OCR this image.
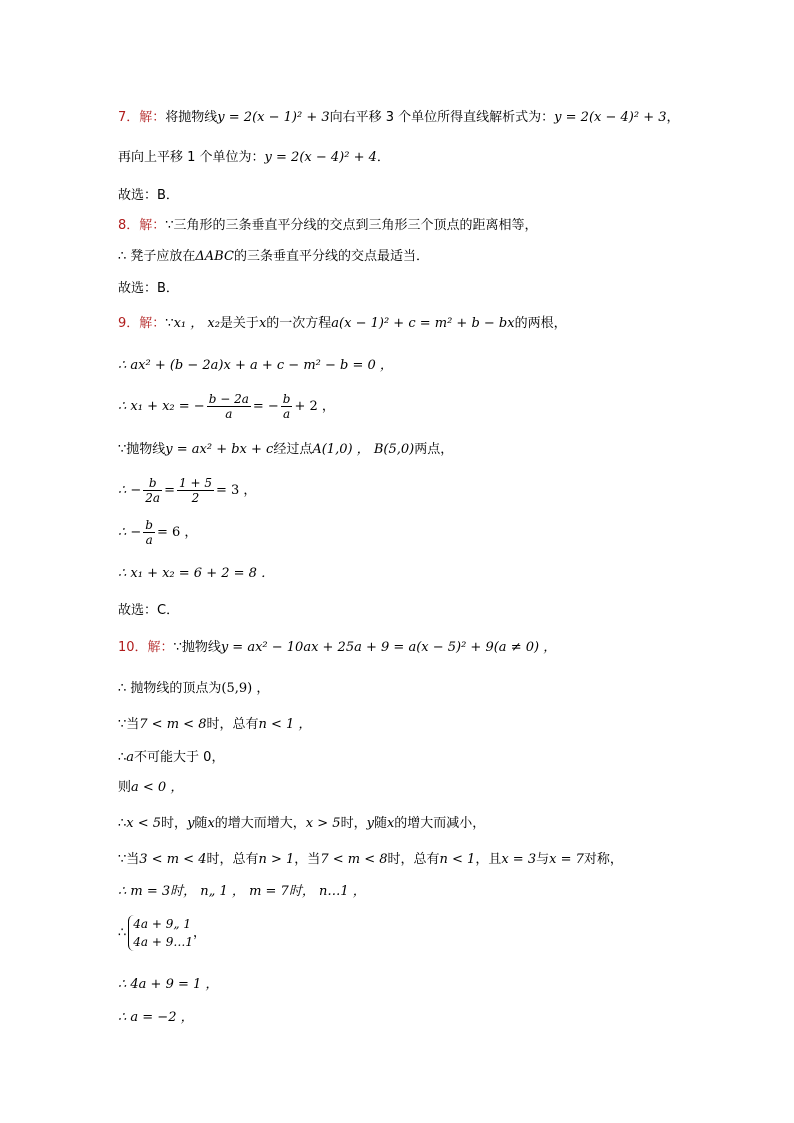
7．解：将抛物线y = 2(x − 1)² + 3向右平移 3 个单位所得直线解析式为：y = 2(x − 4)² + 3，
再向上平移 1 个单位为：y = 2(x − 4)² + 4．
故选：B．
8．解：∵三角形的三条垂直平分线的交点到三角形三个顶点的距离相等，
∴ 凳子应放在ΔABC的三条垂直平分线的交点最适当．
故选：B．
9．解：∵x₁ ， x₂是关于x的一次方程a(x − 1)² + c = m² + b − bx的两根，
∴ ax² + (b − 2a)x + a + c − m² − b = 0 ，
∴ x₁ + x₂ = − $\frac{b - 2a}{a}$ = − $\frac{b}{a} + 2$ ，
∵抛物线y = ax² + bx + c经过点A(1,0) ， B(5,0)两点，
∴ − $\frac{b}{2a} = \frac{1 + 5}{2} = 3$ ，
∴ − $\frac{b}{a} = 6$ ，
∴ x₁ + x₂ = 6 + 2 = 8 ．
故选：C．
10．解：∵抛物线y = ax² − 10ax + 25a + 9 = a(x − 5)² + 9(a ≠ 0) ，
∴ 抛物线的顶点为(5,9) ，
∵当7 < m < 8时，总有n < 1 ，
∴a不可能大于 0，
则a < 0 ，
∴x < 5时，y随x的增大而增大，x > 5时，y随x的增大而减小，
∵当3 < m < 4时，总有n > 1，当7 < m < 8时，总有n < 1，且x = 3与x = 7对称，
∴ m = 3时， n„ 1 ， m = 7时， n…1 ，
∴
4a + 9„ 1
4a + 9…1
，
∴ 4a + 9 = 1 ，
∴ a = −2 ，
